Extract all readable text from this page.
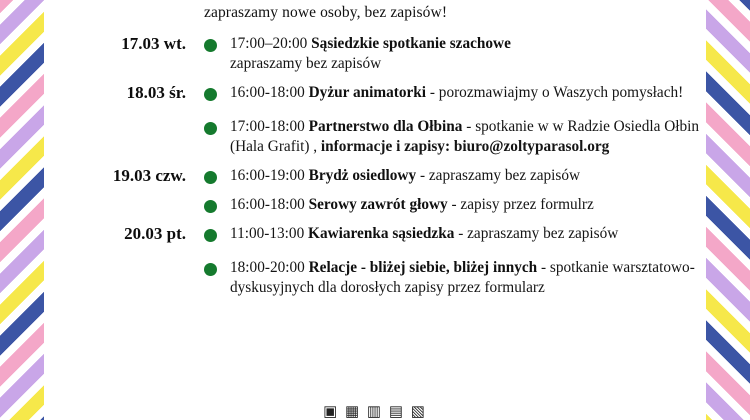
zapraszamy nowe osoby, bez zapisów!
17.03 wt.	17:00–20:00 Sąsiedzkie spotkanie szachowe
zapraszamy bez zapisów
18.03 śr.	16:00-18:00 Dyżur animatorki - porozmawiajmy o Waszych pomysłach!
17:00-18:00 Partnerstwo dla Ołbina - spotkanie w w Radzie Osiedla Ołbin (Hala Grafit) , informacje i zapisy: biuro@zoltyparasol.org
19.03 czw.	16:00-19:00 Brydż osiedlowy - zapraszamy bez zapisów
16:00-18:00 Serowy zawrót głowy - zapisy przez formulrz
20.03 pt.	11:00-13:00 Kawiarenka sąsiedzka - zapraszamy bez zapisów
18:00-20:00 Relacje - bliżej siebie, bliżej innych - spotkanie warsztatowo-dyskusyjnych dla dorosłych zapisy przez formularz
▣ ▦ ▥ ▤ ▧
